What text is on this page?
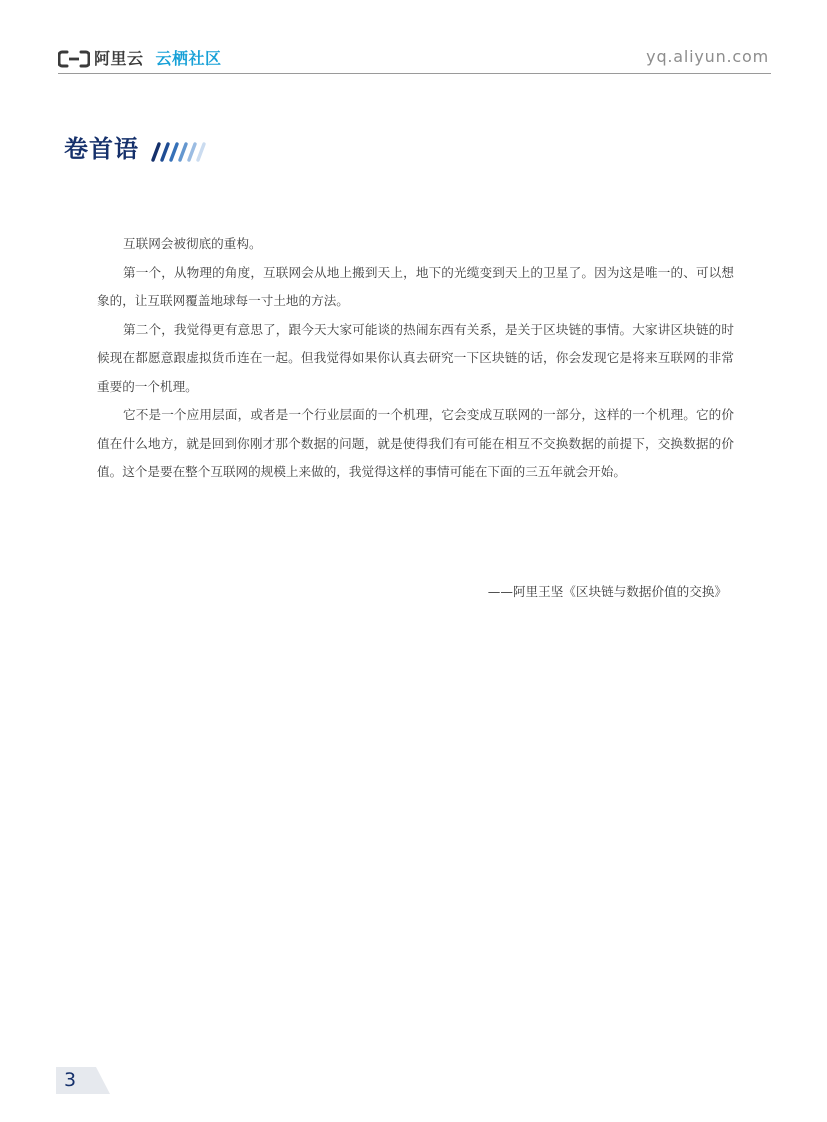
阿里云 云栖社区	yq.aliyun.com
卷首语

互联网会被彻底的重构。

第一个，从物理的角度，互联网会从地上搬到天上，地下的光缆变到天上的卫星了。因为这是唯一的、可以想象的，让互联网覆盖地球每一寸土地的方法。

第二个，我觉得更有意思了，跟今天大家可能谈的热闹东西有关系，是关于区块链的事情。大家讲区块链的时候现在都愿意跟虚拟货币连在一起。但我觉得如果你认真去研究一下区块链的话，你会发现它是将来互联网的非常重要的一个机理。

它不是一个应用层面，或者是一个行业层面的一个机理，它会变成互联网的一部分，这样的一个机理。它的价值在什么地方，就是回到你刚才那个数据的问题，就是使得我们有可能在相互不交换数据的前提下，交换数据的价值。这个是要在整个互联网的规模上来做的，我觉得这样的事情可能在下面的三五年就会开始。

——阿里王坚《区块链与数据价值的交换》
3
